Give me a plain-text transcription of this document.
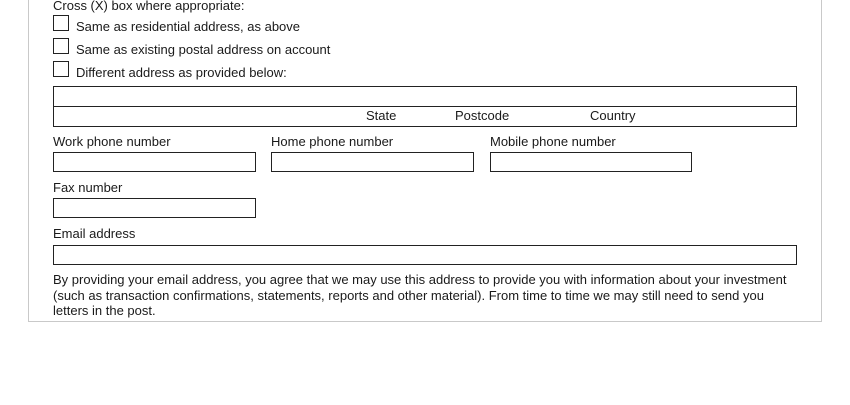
Cross (X) box where appropriate:
Same as residential address, as above
Same as existing postal address on account
Different address as provided below:
State	Postcode	Country
Work phone number	Home phone number	Mobile phone number
Fax number
Email address
By providing your email address, you agree that we may use this address to provide you with information about your investment (such as transaction confirmations, statements, reports and other material). From time to time we may still need to send you letters in the post.
